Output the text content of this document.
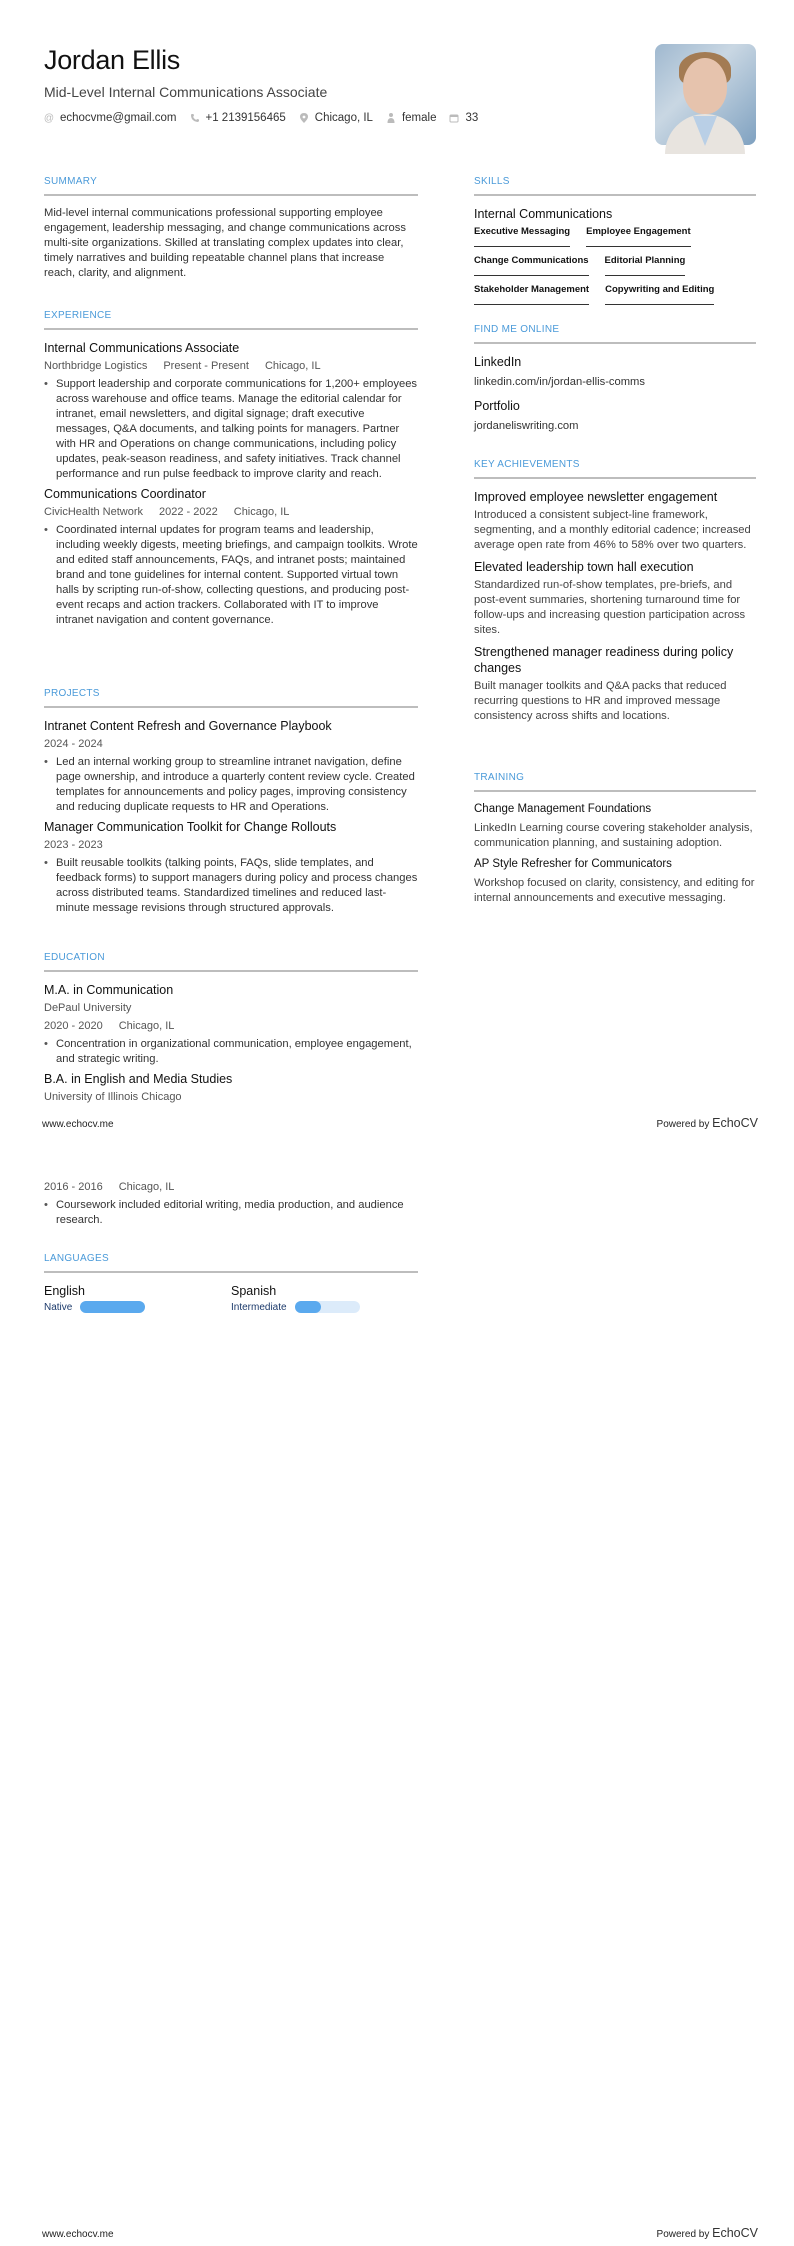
Jordan Ellis
Mid-Level Internal Communications Associate
@ echocvme@gmail.com	+1 2139156465	Chicago, IL	female	33
SUMMARY
Mid-level internal communications professional supporting employee engagement, leadership messaging, and change communications across multi-site organizations. Skilled at translating complex updates into clear, timely narratives and building repeatable channel plans that increase reach, clarity, and alignment.
EXPERIENCE
Internal Communications Associate
Northbridge Logistics Present - Present Chicago, IL
• Support leadership and corporate communications for 1,200+ employees across warehouse and office teams. Manage the editorial calendar for intranet, email newsletters, and digital signage; draft executive messages, Q&A documents, and talking points for managers. Partner with HR and Operations on change communications, including policy updates, peak-season readiness, and safety initiatives. Track channel performance and run pulse feedback to improve clarity and reach.
Communications Coordinator
CivicHealth Network 2022 - 2022 Chicago, IL
• Coordinated internal updates for program teams and leadership, including weekly digests, meeting briefings, and campaign toolkits. Wrote and edited staff announcements, FAQs, and intranet posts; maintained brand and tone guidelines for internal content. Supported virtual town halls by scripting run-of-show, collecting questions, and producing post-event recaps and action trackers. Collaborated with IT to improve intranet navigation and content governance.
PROJECTS
Intranet Content Refresh and Governance Playbook
2024 - 2024
• Led an internal working group to streamline intranet navigation, define page ownership, and introduce a quarterly content review cycle. Created templates for announcements and policy pages, improving consistency and reducing duplicate requests to HR and Operations.
Manager Communication Toolkit for Change Rollouts
2023 - 2023
• Built reusable toolkits (talking points, FAQs, slide templates, and feedback forms) to support managers during policy and process changes across distributed teams. Standardized timelines and reduced last-minute message revisions through structured approvals.
EDUCATION
M.A. in Communication
DePaul University
2020 - 2020 Chicago, IL
• Concentration in organizational communication, employee engagement, and strategic writing.
B.A. in English and Media Studies
University of Illinois Chicago
SKILLS
Internal Communications
Executive Messaging Employee Engagement
Change Communications Editorial Planning
Stakeholder Management Copywriting and Editing
FIND ME ONLINE
LinkedIn
linkedin.com/in/jordan-ellis-comms
Portfolio
jordaneliswriting.com
KEY ACHIEVEMENTS
Improved employee newsletter engagement
Introduced a consistent subject-line framework, segmenting, and a monthly editorial cadence; increased average open rate from 46% to 58% over two quarters.
Elevated leadership town hall execution
Standardized run-of-show templates, pre-briefs, and post-event summaries, shortening turnaround time for follow-ups and increasing question participation across sites.
Strengthened manager readiness during policy changes
Built manager toolkits and Q&A packs that reduced recurring questions to HR and improved message consistency across shifts and locations.
TRAINING
Change Management Foundations
LinkedIn Learning course covering stakeholder analysis, communication planning, and sustaining adoption.
AP Style Refresher for Communicators
Workshop focused on clarity, consistency, and editing for internal announcements and executive messaging.
www.echocv.me	Powered by EchoCV
2016 - 2016 Chicago, IL
• Coursework included editorial writing, media production, and audience research.
LANGUAGES
English
Native
Spanish
Intermediate
www.echocv.me	Powered by EchoCV
